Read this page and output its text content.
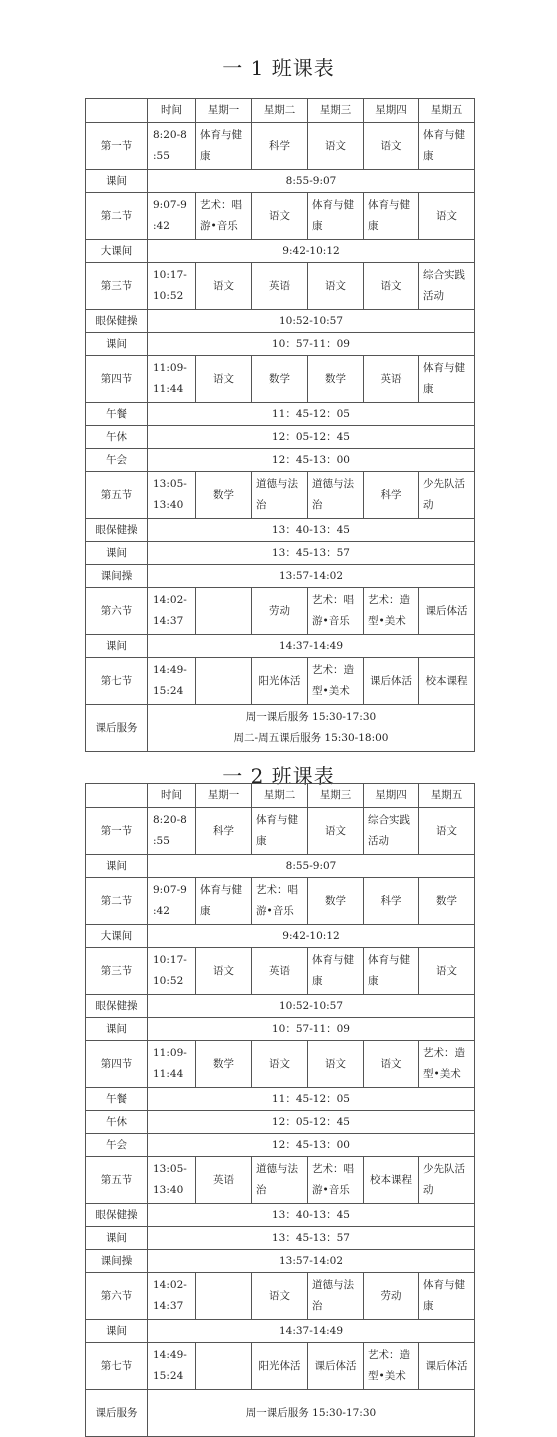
一 1 班课表
	时间	星期一	星期二	星期三	星期四	星期五
第一节	8:20-8
:55	体育与健
康	科学	语文	语文	体育与健
康
课间	8:55-9:07					
第二节	9:07-9
:42	艺术：唱
游•音乐	语文	体育与健
康	体育与健
康	语文
大课间	9:42-10:12					
第三节	10:17-
10:52	语文	英语	语文	语文	综合实践
活动
眼保健操	10:52-10:57					
课间	10：57-11：09					
第四节	11:09-
11:44	语文	数学	数学	英语	体育与健
康
午餐	11：45-12：05					
午休	12：05-12：45					
午会	12：45-13：00					
第五节	13:05-
13:40	数学	道德与法
治	道德与法
治	科学	少先队活
动
眼保健操	13：40-13：45					
课间	13：45-13：57					
课间操	13:57-14:02					
第六节	14:02-
14:37		劳动	艺术：唱
游•音乐	艺术：造
型•美术	课后体活
课间	14:37-14:49					
第七节	14:49-
15:24		阳光体活	艺术：造
型•美术	课后体活	校本课程
课后服务	周一课后服务 15:30-17:30
周二-周五课后服务 15:30-18:00					
一 2 班课表
	时间	星期一	星期二	星期三	星期四	星期五
第一节	8:20-8
:55	科学	体育与健
康	语文	综合实践
活动	语文
课间	8:55-9:07					
第二节	9:07-9
:42	体育与健
康	艺术：唱
游•音乐	数学	科学	数学
大课间	9:42-10:12					
第三节	10:17-
10:52	语文	英语	体育与健
康	体育与健
康	语文
眼保健操	10:52-10:57					
课间	10：57-11：09					
第四节	11:09-
11:44	数学	语文	语文	语文	艺术：造
型•美术
午餐	11：45-12：05					
午休	12：05-12：45					
午会	12：45-13：00					
第五节	13:05-
13:40	英语	道德与法
治	艺术：唱
游•音乐	校本课程	少先队活
动
眼保健操	13：40-13：45					
课间	13：45-13：57					
课间操	13:57-14:02					
第六节	14:02-
14:37		语文	道德与法
治	劳动	体育与健
康
课间	14:37-14:49					
第七节	14:49-
15:24		阳光体活	课后体活	艺术：造
型•美术	课后体活
课后服务	周一课后服务 15:30-17:30					
